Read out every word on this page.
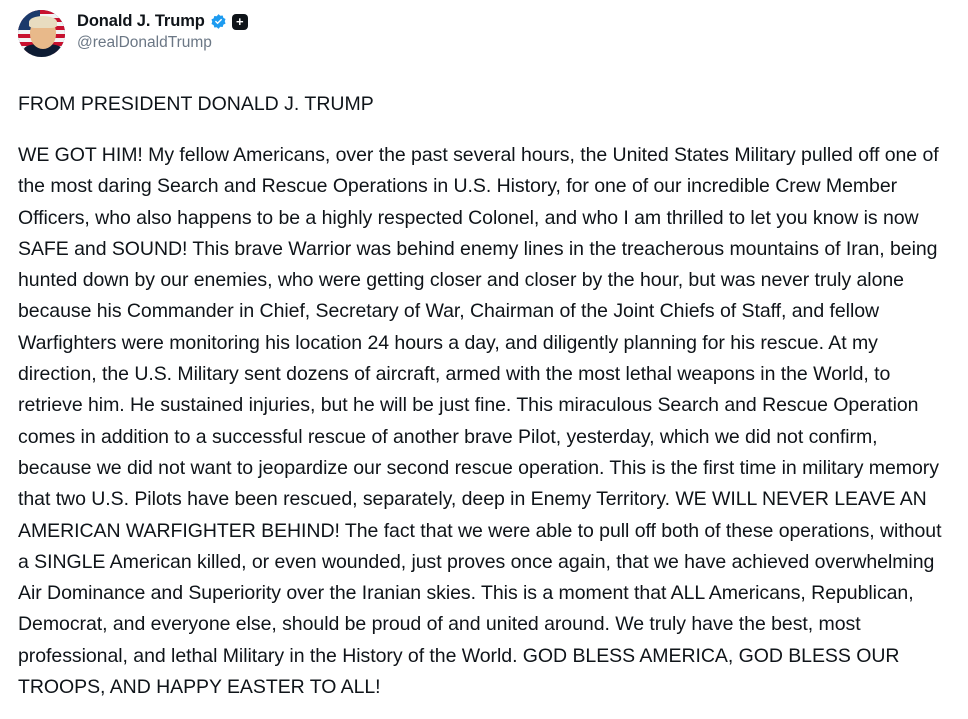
Donald J. Trump	+
@realDonaldTrump
FROM PRESIDENT DONALD J. TRUMP
WE GOT HIM! My fellow Americans, over the past several hours, the United States Military pulled off one of the most daring Search and Rescue Operations in U.S. History, for one of our incredible Crew Member Officers, who also happens to be a highly respected Colonel, and who I am thrilled to let you know is now SAFE and SOUND! This brave Warrior was behind enemy lines in the treacherous mountains of Iran, being hunted down by our enemies, who were getting closer and closer by the hour, but was never truly alone because his Commander in Chief, Secretary of War, Chairman of the Joint Chiefs of Staff, and fellow Warfighters were monitoring his location 24 hours a day, and diligently planning for his rescue. At my direction, the U.S. Military sent dozens of aircraft, armed with the most lethal weapons in the World, to retrieve him. He sustained injuries, but he will be just fine. This miraculous Search and Rescue Operation comes in addition to a successful rescue of another brave Pilot, yesterday, which we did not confirm, because we did not want to jeopardize our second rescue operation. This is the first time in military memory that two U.S. Pilots have been rescued, separately, deep in Enemy Territory. WE WILL NEVER LEAVE AN AMERICAN WARFIGHTER BEHIND! The fact that we were able to pull off both of these operations, without a SINGLE American killed, or even wounded, just proves once again, that we have achieved overwhelming Air Dominance and Superiority over the Iranian skies. This is a moment that ALL Americans, Republican, Democrat, and everyone else, should be proud of and united around. We truly have the best, most professional, and lethal Military in the History of the World. GOD BLESS AMERICA, GOD BLESS OUR TROOPS, AND HAPPY EASTER TO ALL!
